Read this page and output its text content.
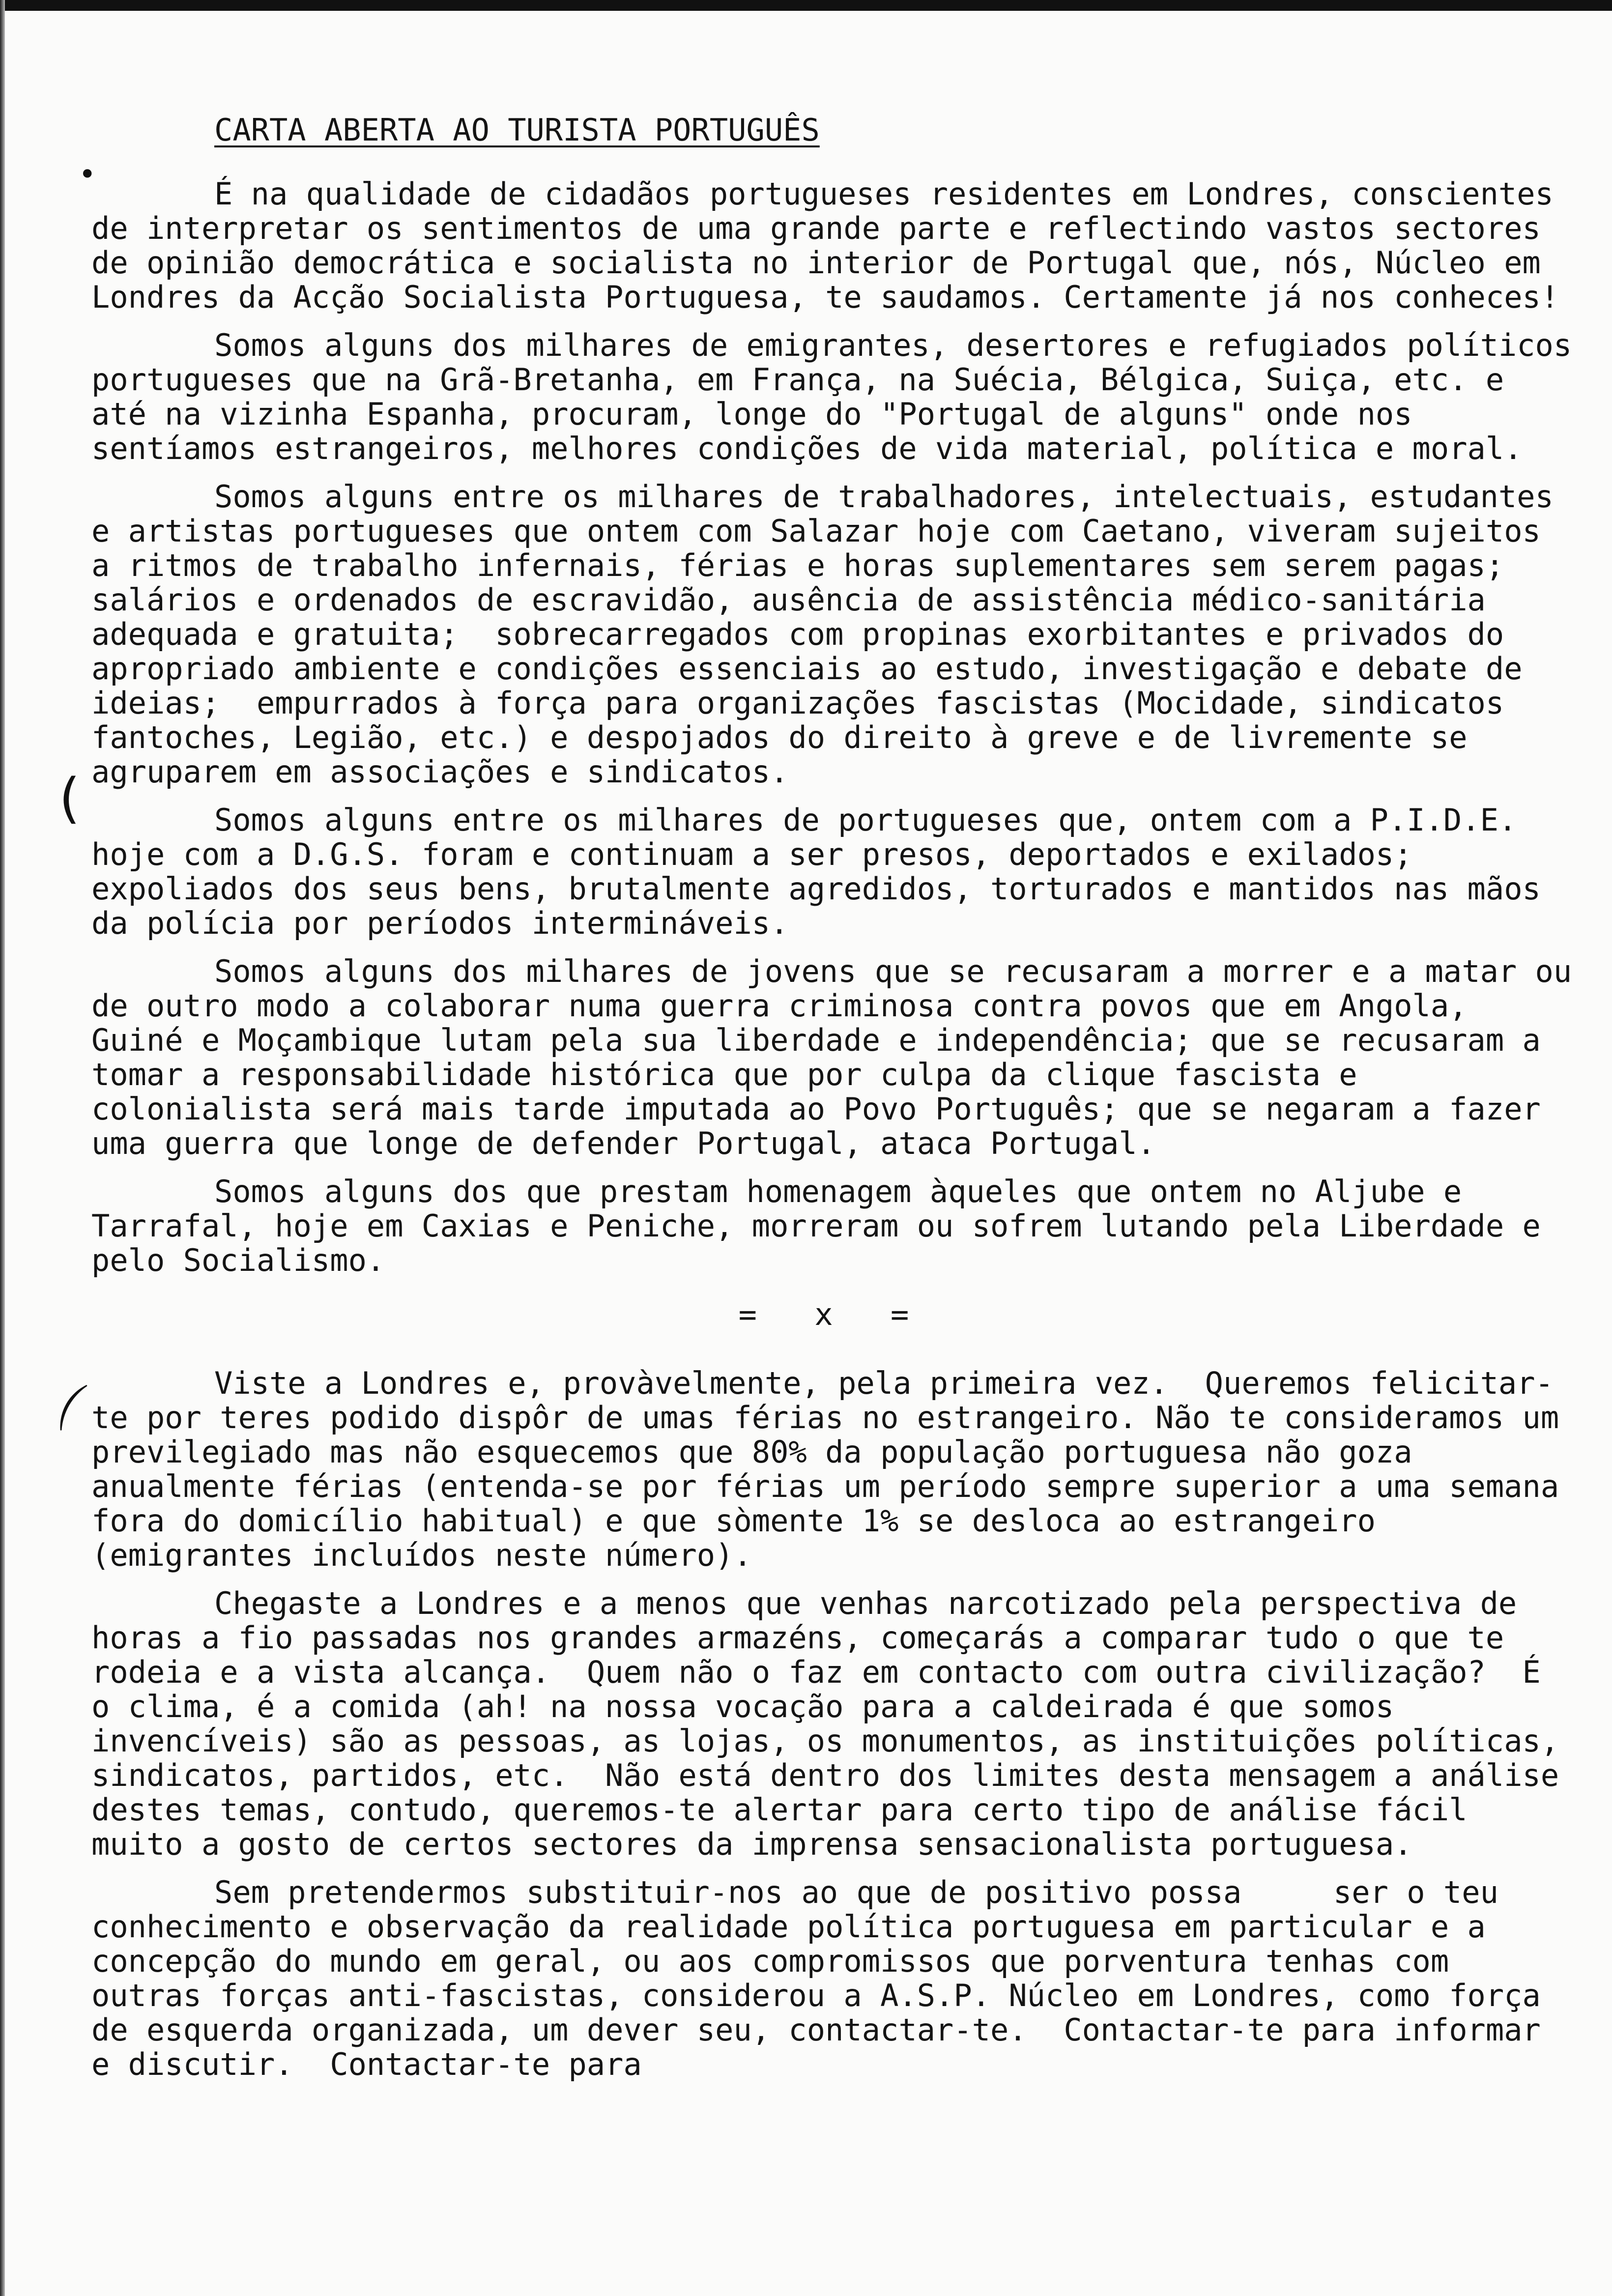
(
⌒
•
CARTA ABERTA AO TURISTA PORTUGUÊS

É na qualidade de cidadãos portugueses residentes em Londres, conscientes de interpretar os sentimentos de uma grande parte e reflectindo vastos sectores de opinião democrática e socialista no interior de Portugal que, nós, Núcleo em Londres da Acção Socialista Portuguesa, te saudamos. Certamente já nos conheces!

Somos alguns dos milhares de emigrantes, desertores e refugiados políticos portugueses que na Grã-Bretanha, em França, na Suécia, Bélgica, Suiça, etc. e até na vizinha Espanha, procuram, longe do "Portugal de alguns" onde nos sentíamos estrangeiros, melhores condições de vida material, política e moral.

Somos alguns entre os milhares de trabalhadores, intelectuais, estudantes e artistas portugueses que ontem com Salazar hoje com Caetano, viveram sujeitos a ritmos de trabalho infernais, férias e horas suplementares sem serem pagas;  salários e ordenados de escravidão, ausência de assistência médico-sanitária adequada e gratuita;  sobrecarregados com propinas exorbitantes e privados do apropriado ambiente e condições essenciais ao estudo, investigação e debate de ideias;  empurrados à força para organizações fascistas (Mocidade, sindicatos fantoches, Legião, etc.) e despojados do direito à greve e de livremente se agruparem em associações e sindicatos.

Somos alguns entre os milhares de portugueses que, ontem com a P.I.D.E. hoje com a D.G.S. foram e continuam a ser presos, deportados e exilados;  expoliados dos seus bens, brutalmente agredidos, torturados e mantidos nas mãos da polícia por períodos intermináveis.

Somos alguns dos milhares de jovens que se recusaram a morrer e a matar ou de outro modo a colaborar numa guerra criminosa contra povos que em Angola, Guiné e Moçambique lutam pela sua liberdade e independência; que se recusaram a tomar a responsabilidade histórica que por culpa da clique fascista e colonialista será mais tarde imputada ao Povo Português; que se negaram a fazer uma guerra que longe de defender Portugal, ataca Portugal.

Somos alguns dos que prestam homenagem àqueles que ontem no Aljube e Tarrafal, hoje em Caxias e Peniche, morreram ou sofrem lutando pela Liberdade e pelo Socialismo.

= x =

Viste a Londres e, provàvelmente, pela primeira vez.  Queremos felicitar-te por teres podido dispôr de umas férias no estrangeiro. Não te consideramos um previlegiado mas não esquecemos que 80% da população portuguesa não goza anualmente férias (entenda-se por férias um período sempre superior a uma semana fora do domicílio habitual) e que sòmente 1% se desloca ao estrangeiro (emigrantes incluídos neste número).

Chegaste a Londres e a menos que venhas narcotizado pela perspectiva de horas a fio passadas nos grandes armazéns, começarás a comparar tudo o que te rodeia e a vista alcança.  Quem não o faz em contacto com outra civilização?  É o clima, é a comida (ah! na nossa vocação para a caldeirada é que somos invencíveis) são as pessoas, as lojas, os monumentos, as instituições políticas, sindicatos, partidos, etc.  Não está dentro dos limites desta mensagem a análise destes temas, contudo, queremos-te alertar para certo tipo de análise fácil muito a gosto de certos sectores da imprensa sensacionalista portuguesa.

Sem pretendermos substituir-nos ao que de positivo possa     ser o teu conhecimento e observação da realidade política portuguesa em particular e a concepção do mundo em geral, ou aos compromissos que porventura tenhas com outras forças anti-fascistas, considerou a A.S.P. Núcleo em Londres, como força de esquerda organizada, um dever seu, contactar-te.  Contactar-te para informar e discutir.  Contactar-te para
